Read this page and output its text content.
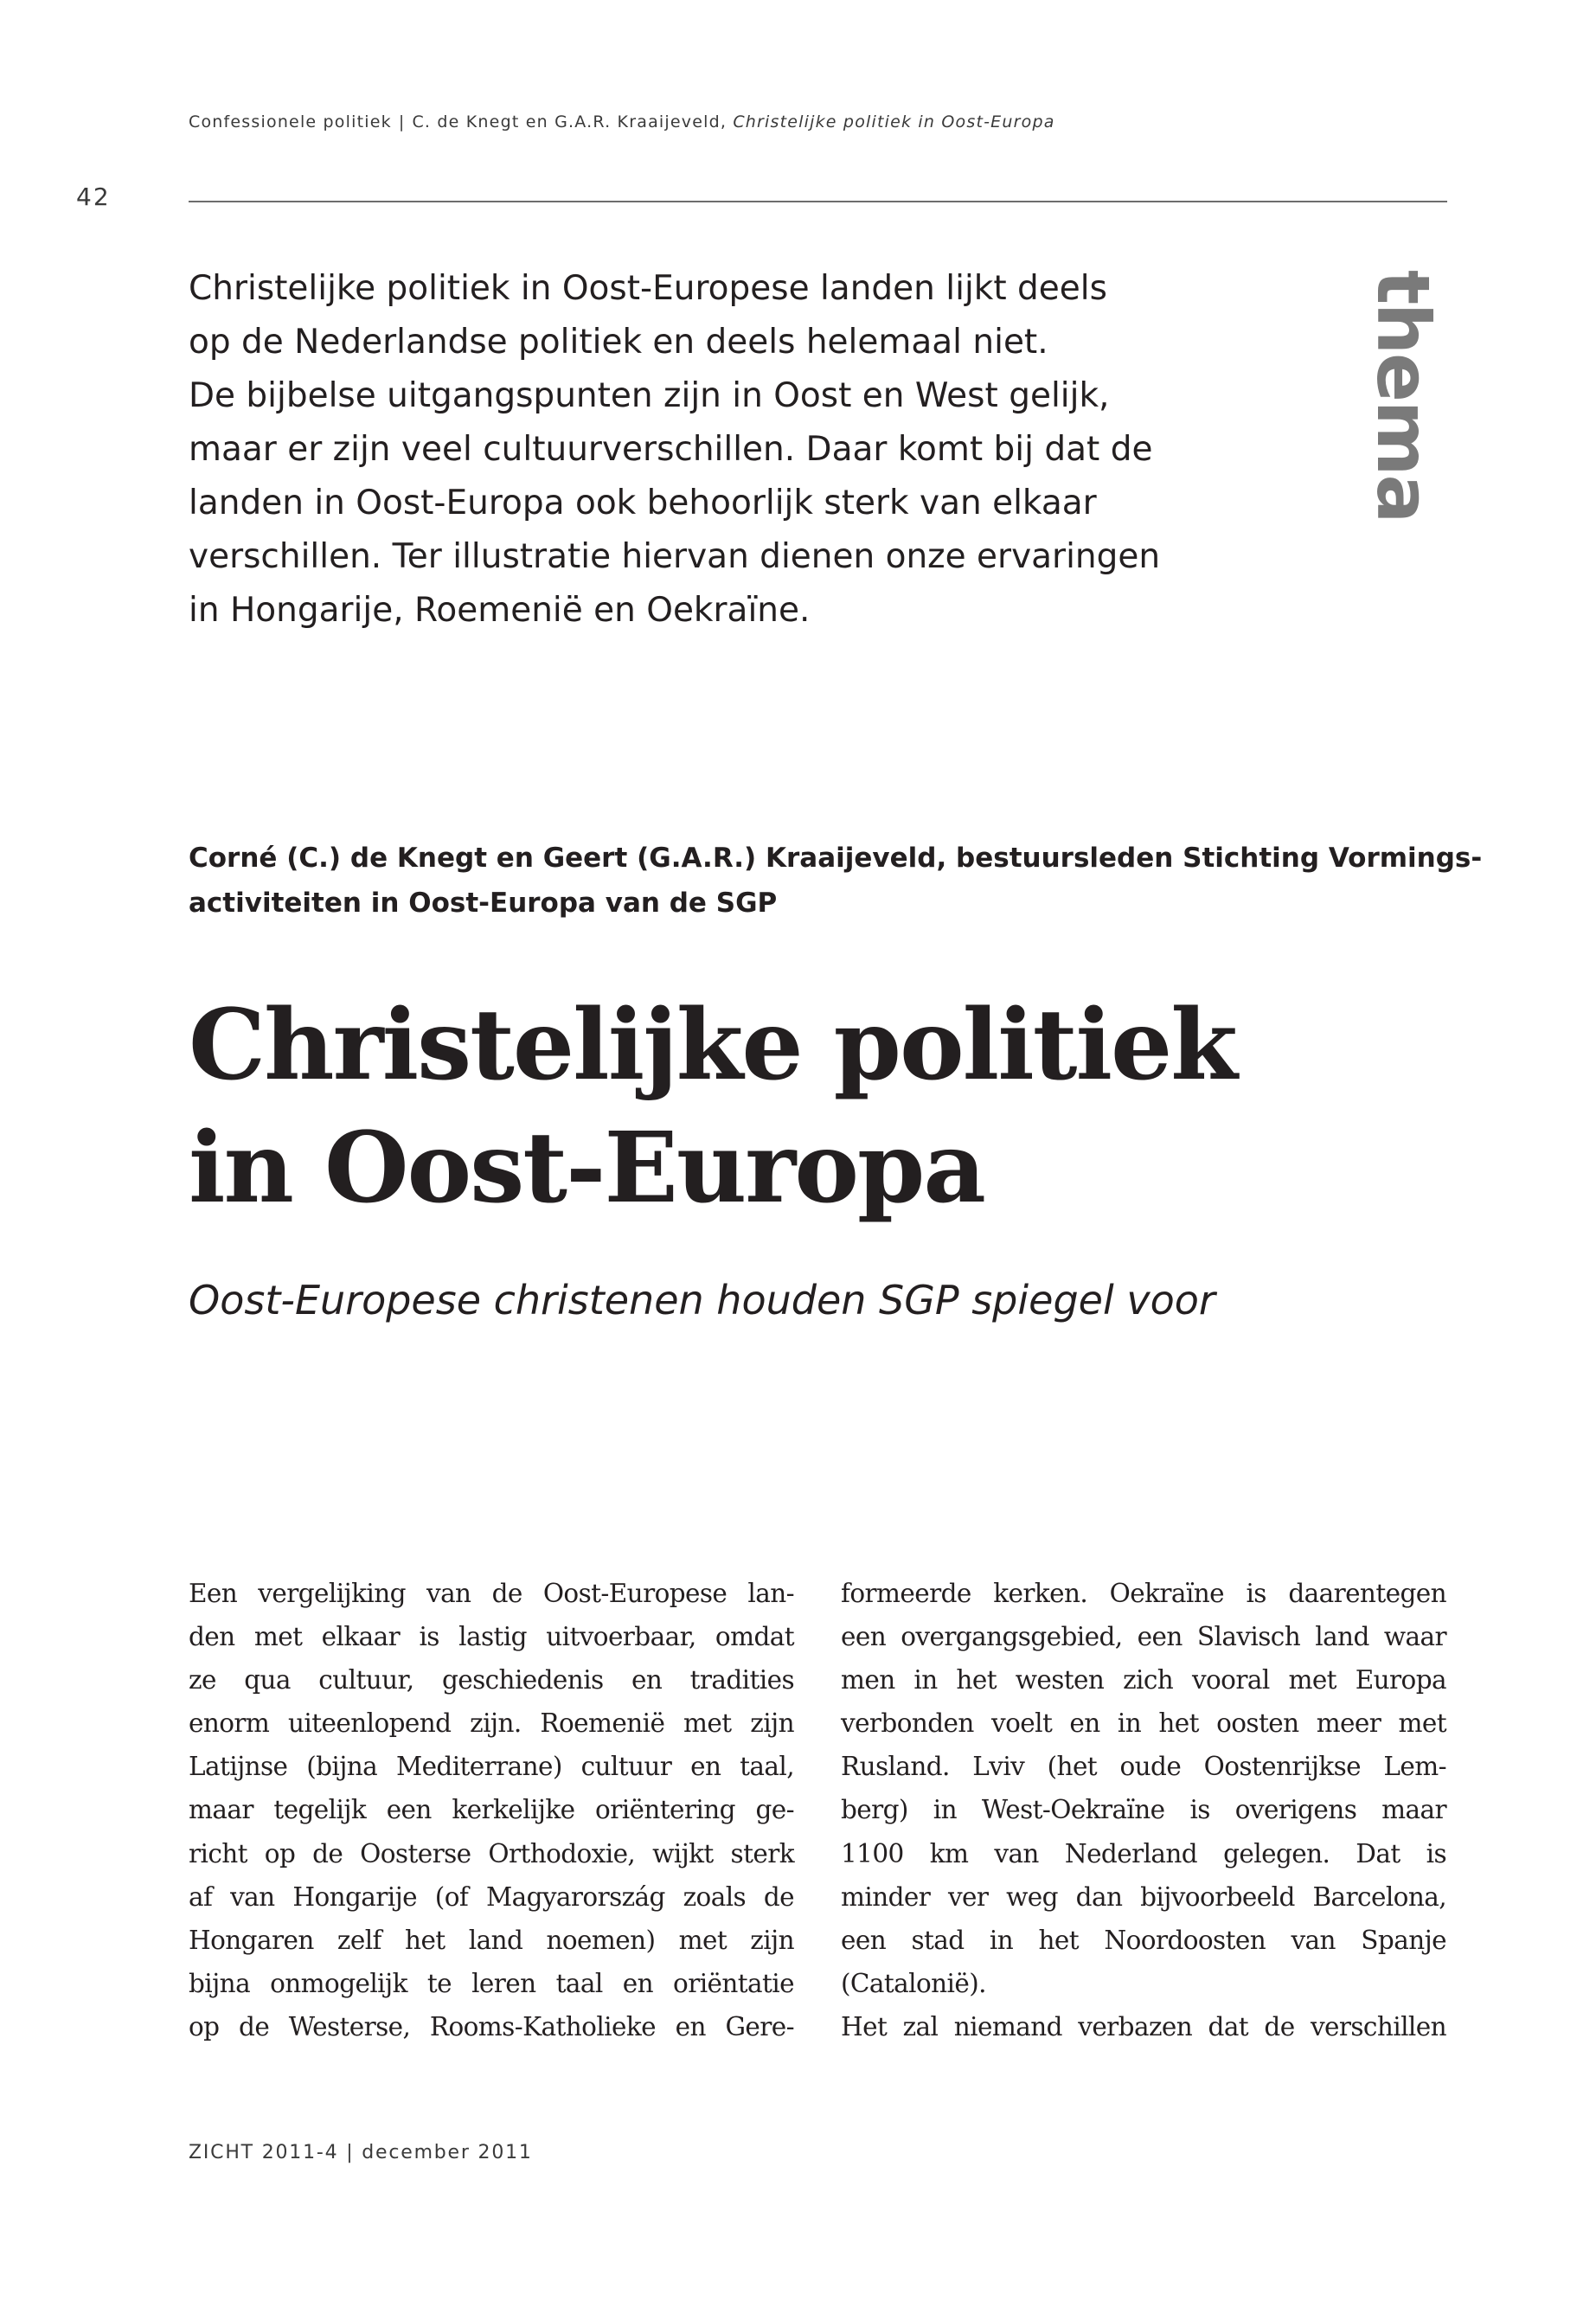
Confessionele politiek | C. de Knegt en G.A.R. Kraaijeveld, Christelijke politiek in Oost-Europa
42
thema

Christelijke politiek in Oost-Europese landen lijkt deels
op de Nederlandse politiek en deels helemaal niet.
De bijbelse uitgangspunten zijn in Oost en West gelijk,
maar er zijn veel cultuurverschillen. Daar komt bij dat de
landen in Oost-Europa ook behoorlijk sterk van elkaar
verschillen. Ter illustratie hiervan dienen onze ervaringen
in Hongarije, Roemenië en Oekraïne.

Corné (C.) de Knegt en Geert (G.A.R.) Kraaijeveld, bestuursleden Stichting Vormings-
activiteiten in Oost-Europa van de SGP

Christelijke politiek
in Oost-Europa
Oost-Europese christenen houden SGP spiegel voor
Een vergelijking van de Oost-Europese lan-
den met elkaar is lastig uitvoerbaar, omdat
ze qua cultuur, geschiedenis en tradities
enorm uiteenlopend zijn. Roemenië met zijn
Latijnse (bijna Mediterrane) cultuur en taal,
maar tegelijk een kerkelijke oriëntering ge-
richt op de Oosterse Orthodoxie, wijkt sterk
af van Hongarije (of Magyarország zoals de
Hongaren zelf het land noemen) met zijn
bijna onmogelijk te leren taal en oriëntatie
op de Westerse, Rooms-Katholieke en Gere-
formeerde kerken. Oekraïne is daarentegen
een overgangsgebied, een Slavisch land waar
men in het westen zich vooral met Europa
verbonden voelt en in het oosten meer met
Rusland. Lviv (het oude Oostenrijkse Lem-
berg) in West-Oekraïne is overigens maar
1100 km van Nederland gelegen. Dat is
minder ver weg dan bijvoorbeeld Barcelona,
een stad in het Noordoosten van Spanje
(Catalonië).
Het zal niemand verbazen dat de verschillen
ZICHT 2011-4 | december 2011
